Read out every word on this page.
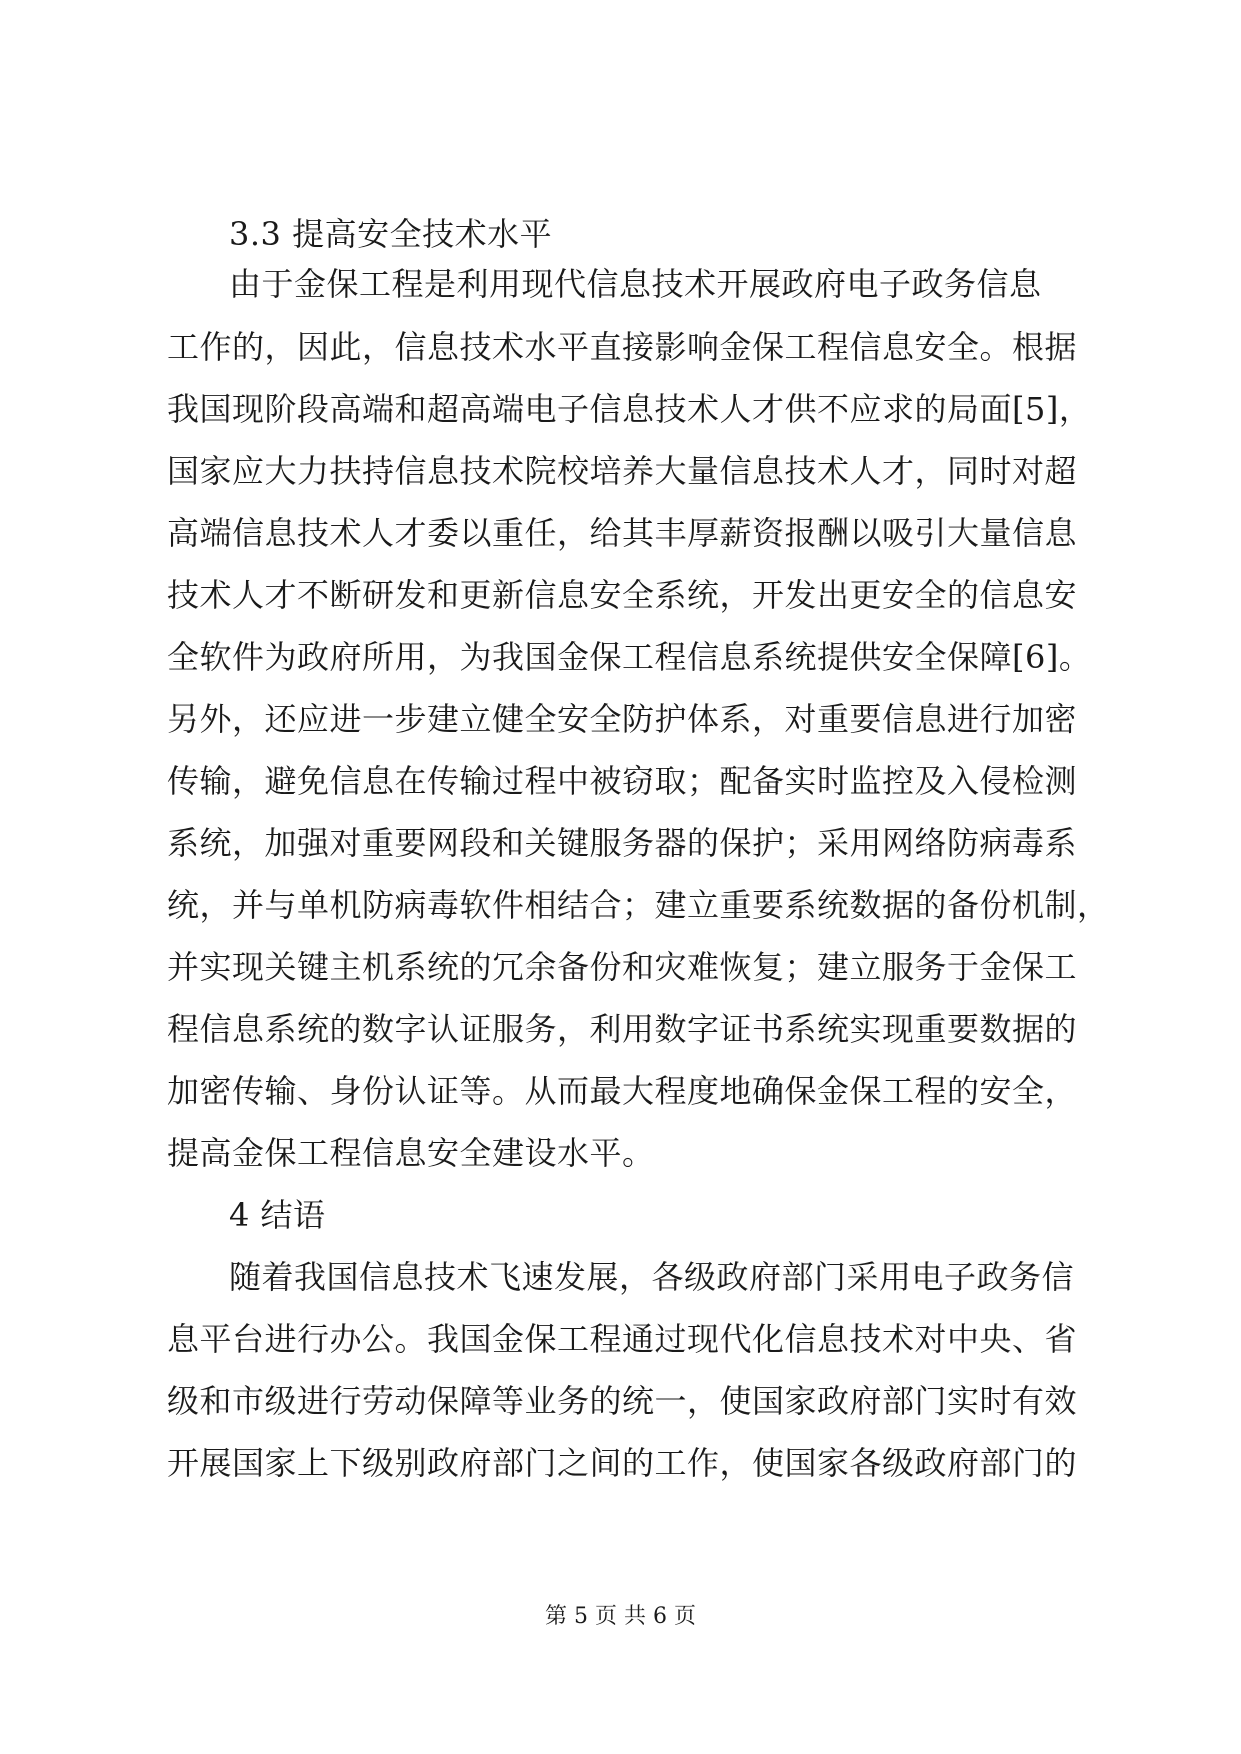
3.3 提高安全技术水平
由于金保工程是利用现代信息技术开展政府电子政务信息
工作的，因此，信息技术水平直接影响金保工程信息安全。根据
我国现阶段高端和超高端电子信息技术人才供不应求的局面[5]，
国家应大力扶持信息技术院校培养大量信息技术人才，同时对超
高端信息技术人才委以重任，给其丰厚薪资报酬以吸引大量信息
技术人才不断研发和更新信息安全系统，开发出更安全的信息安
全软件为政府所用，为我国金保工程信息系统提供安全保障[6]。
另外，还应进一步建立健全安全防护体系，对重要信息进行加密
传输，避免信息在传输过程中被窃取；配备实时监控及入侵检测
系统，加强对重要网段和关键服务器的保护；采用网络防病毒系
统，并与单机防病毒软件相结合；建立重要系统数据的备份机制，
并实现关键主机系统的冗余备份和灾难恢复；建立服务于金保工
程信息系统的数字认证服务，利用数字证书系统实现重要数据的
加密传输、身份认证等。从而最大程度地确保金保工程的安全，
提高金保工程信息安全建设水平。
4 结语
随着我国信息技术飞速发展，各级政府部门采用电子政务信
息平台进行办公。我国金保工程通过现代化信息技术对中央、省
级和市级进行劳动保障等业务的统一，使国家政府部门实时有效
开展国家上下级别政府部门之间的工作，使国家各级政府部门的
第 5 页 共 6 页
